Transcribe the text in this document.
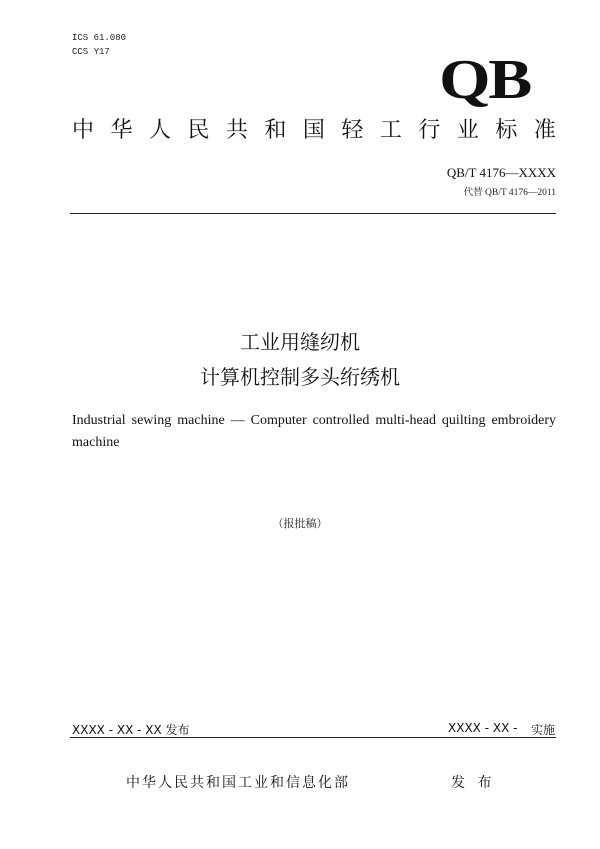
ICS 61.080
CCS Y17	QB
中 华 人 民 共 和 国 轻 工 行 业 标 准
QB/T 4176—XXXX
代替 QB/T 4176—2011
工业用缝纫机
计算机控制多头绗绣机
Industrial sewing machine — Computer controlled multi-head quilting embroidery machine
（报批稿）
XXXX - XX - XX 发布	XXXX - XX - 实施
中华人民共和国工业和信息化部	发 布
